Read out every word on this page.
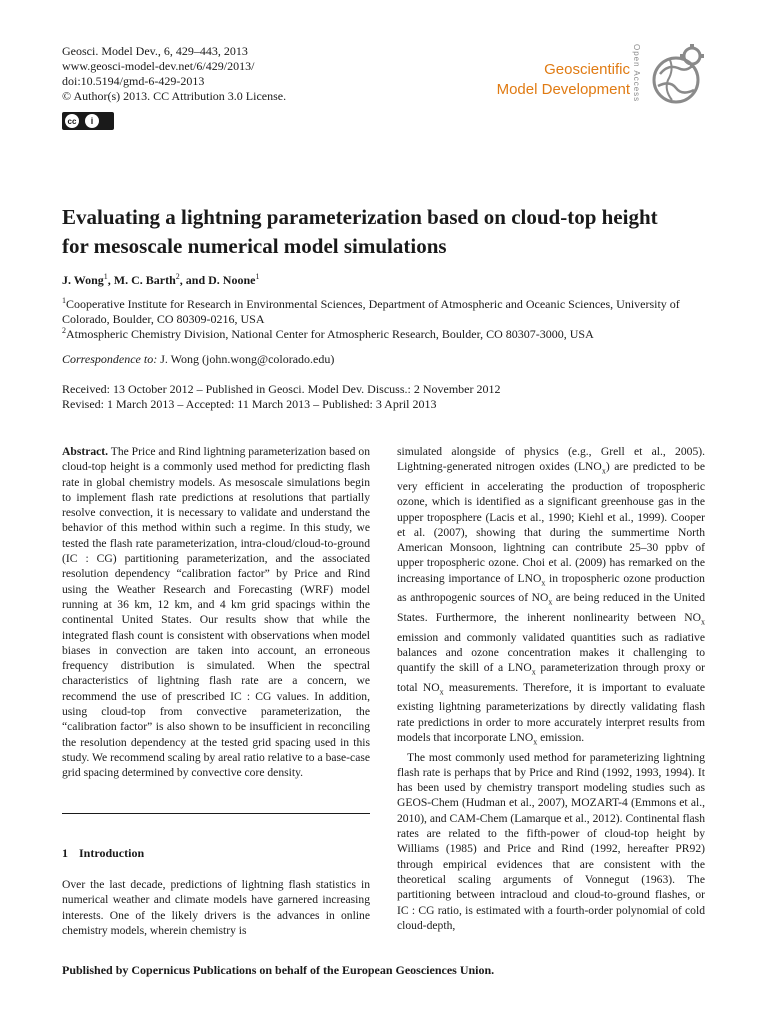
Geosci. Model Dev., 6, 429–443, 2013
www.geosci-model-dev.net/6/429/2013/
doi:10.5194/gmd-6-429-2013
© Author(s) 2013. CC Attribution 3.0 License.
cc	i
Geoscientific
Model Development Open Access
Evaluating a lightning parameterization based on cloud-top height
for mesoscale numerical model simulations
J. Wong$^1$, M. C. Barth$^2$, and D. Noone$^1$
$^1$Cooperative Institute for Research in Environmental Sciences, Department of Atmospheric and Oceanic Sciences, University of Colorado, Boulder, CO 80309-0216, USA
$^2$Atmospheric Chemistry Division, National Center for Atmospheric Research, Boulder, CO 80307-3000, USA
Correspondence to: J. Wong (john.wong@colorado.edu)
Received: 13 October 2012 – Published in Geosci. Model Dev. Discuss.: 2 November 2012
Revised: 1 March 2013 – Accepted: 11 March 2013 – Published: 3 April 2013

Abstract. The Price and Rind lightning parameterization based on cloud-top height is a commonly used method for predicting flash rate in global chemistry models. As mesoscale simulations begin to implement flash rate predictions at resolutions that partially resolve convection, it is necessary to validate and understand the behavior of this method within such a regime. In this study, we tested the flash rate parameterization, intra-cloud/cloud-to-ground (IC : CG) partitioning parameterization, and the associated resolution dependency “calibration factor” by Price and Rind using the Weather Research and Forecasting (WRF) model running at 36 km, 12 km, and 4 km grid spacings within the continental United States. Our results show that while the integrated flash count is consistent with observations when model biases in convection are taken into account, an erroneous frequency distribution is simulated. When the spectral characteristics of lightning flash rate are a concern, we recommend the use of prescribed IC : CG values. In addition, using cloud-top from convective parameterization, the “calibration factor” is also shown to be insufficient in reconciling the resolution dependency at the tested grid spacing used in this study. We recommend scaling by areal ratio relative to a base-case grid spacing determined by convective core density.

1 Introduction

Over the last decade, predictions of lightning flash statistics in numerical weather and climate models have garnered increasing interests. One of the likely drivers is the advances in online chemistry models, wherein chemistry is

simulated alongside of physics (e.g., Grell et al., 2005). Lightning-generated nitrogen oxides $(LNO_x)$ are predicted to be very efficient in accelerating the production of tropospheric ozone, which is identified as a significant greenhouse gas in the upper troposphere (Lacis et al., 1990; Kiehl et al., 1999). Cooper et al. (2007), showing that during the summertime North American Monsoon, lightning can contribute 25–30 ppbv of upper tropospheric ozone. Choi et al. (2009) has remarked on the increasing importance of $LNO_x$ in tropospheric ozone production as anthropogenic sources of $NO_x$ are being reduced in the United States. Furthermore, the inherent nonlinearity between $NO_x$ emission and commonly validated quantities such as radiative balances and ozone concentration makes it challenging to quantify the skill of a $LNO_x$ parameterization through proxy or total $NO_x$ measurements. Therefore, it is important to evaluate existing lightning parameterizations by directly validating flash rate predictions in order to more accurately interpret results from models that incorporate $LNO_x$ emission.

The most commonly used method for parameterizing lightning flash rate is perhaps that by Price and Rind (1992, 1993, 1994). It has been used by chemistry transport modeling studies such as GEOS-Chem (Hudman et al., 2007), MOZART-4 (Emmons et al., 2010), and CAM-Chem (Lamarque et al., 2012). Continental flash rates are related to the fifth-power of cloud-top height by Williams (1985) and Price and Rind (1992, hereafter PR92) through empirical evidences that are consistent with the theoretical scaling arguments of Vonnegut (1963). The partitioning between intracloud and cloud-to-ground flashes, or IC : CG ratio, is estimated with a fourth-order polynomial of cold cloud-depth,

Published by Copernicus Publications on behalf of the European Geosciences Union.
